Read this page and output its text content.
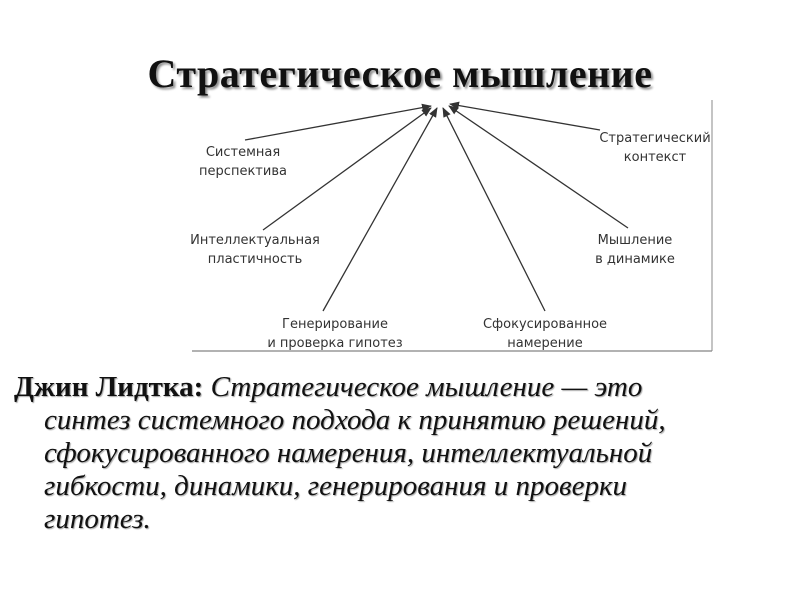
Стратегическое мышление
Системная
перспектива
Стратегический
контекст
Интеллектуальная
пластичность
Мышление
в динамике
Генерирование
и проверка гипотез
Сфокусированное
намерение
Джин Лидтка: Стратегическое мышление — это
синтез системного подхода к принятию решений,
сфокусированного намерения, интеллектуальной
гибкости, динамики, генерирования и проверки
гипотез.
